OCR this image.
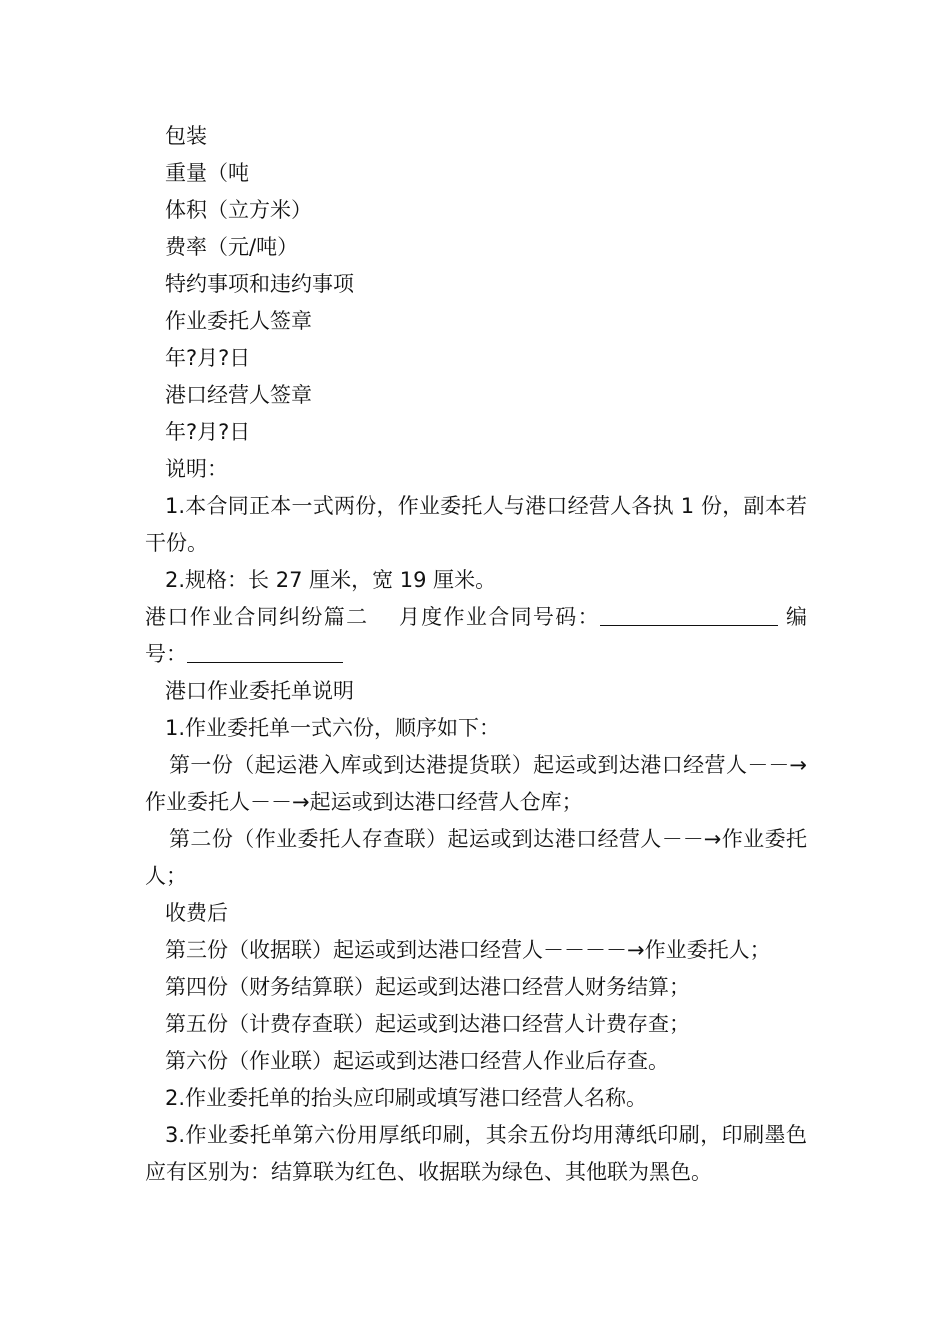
包装
重量（吨
体积（立方米）
费率（元/吨）
特约事项和违约事项
作业委托人签章
年?月?日
港口经营人签章
年?月?日
说明：
1.本合同正本一式两份，作业委托人与港口经营人各执 1 份，副本若干份。
2.规格：长 27 厘米，宽 19 厘米。
港口作业合同纠纷篇二　 月度作业合同号码：	编号：
港口作业委托单说明
1.作业委托单一式六份，顺序如下：
第一份（起运港入库或到达港提货联）起运或到达港口经营人－－→作业委托人－－→起运或到达港口经营人仓库；
第二份（作业委托人存查联）起运或到达港口经营人－－→作业委托人；
收费后
第三份（收据联）起运或到达港口经营人－－－－→作业委托人；
第四份（财务结算联）起运或到达港口经营人财务结算；
第五份（计费存查联）起运或到达港口经营人计费存查；
第六份（作业联）起运或到达港口经营人作业后存查。
2.作业委托单的抬头应印刷或填写港口经营人名称。
3.作业委托单第六份用厚纸印刷，其余五份均用薄纸印刷，印刷墨色应有区别为：结算联为红色、收据联为绿色、其他联为黑色。
